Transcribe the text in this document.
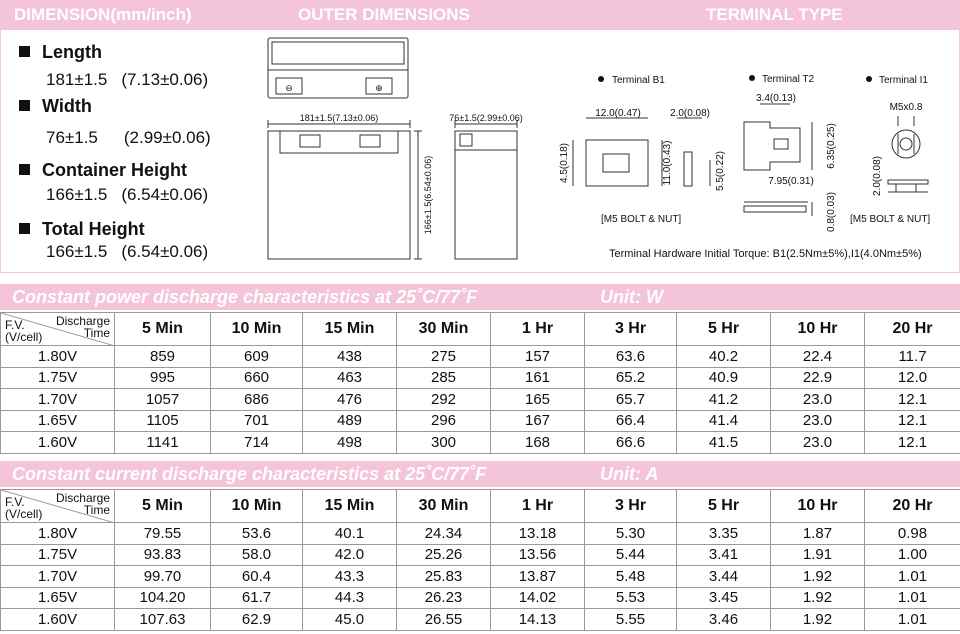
DIMENSION(mm/inch)	OUTER DIMENSIONS	TERMINAL TYPE
Length
181±1.5 (7.13±0.06)
Width
76±1.5 (2.99±0.06)
Container Height
166±1.5 (6.54±0.06)
Total Height
166±1.5 (6.54±0.06)
⊖	⊕
181±1.5(7.13±0.06)
166±1.5(6.54±0.06)
76±1.5(2.99±0.06)
Terminal B1
12.0(0.47)	2.0(0.08)
4.5(0.18)	11.0(0.43)	5.5(0.22)
[M5 BOLT & NUT]
Terminal T2
3.4(0.13)
6.35(0.25)
7.95(0.31)
0.8(0.03)
Terminal I1
M5x0.8
2.0(0.08)
[M5 BOLT & NUT]
Terminal Hardware Initial Torque: B1(2.5Nm±5%),I1(4.0Nm±5%)
Constant power discharge characteristics at 25˚C/77˚F	Unit: W
Discharge
Time
F.V.
(V/cell)	5 Min	10 Min	15 Min	30 Min	1 Hr	3 Hr	5 Hr	10 Hr	20 Hr
1.80V	859	609	438	275	157	63.6	40.2	22.4	11.7
1.75V	995	660	463	285	161	65.2	40.9	22.9	12.0
1.70V	1057	686	476	292	165	65.7	41.2	23.0	12.1
1.65V	1105	701	489	296	167	66.4	41.4	23.0	12.1
1.60V	1141	714	498	300	168	66.6	41.5	23.0	12.1
Constant current discharge characteristics at 25˚C/77˚F	Unit: A
Discharge
Time
F.V.
(V/cell)	5 Min	10 Min	15 Min	30 Min	1 Hr	3 Hr	5 Hr	10 Hr	20 Hr
1.80V	79.55	53.6	40.1	24.34	13.18	5.30	3.35	1.87	0.98
1.75V	93.83	58.0	42.0	25.26	13.56	5.44	3.41	1.91	1.00
1.70V	99.70	60.4	43.3	25.83	13.87	5.48	3.44	1.92	1.01
1.65V	104.20	61.7	44.3	26.23	14.02	5.53	3.45	1.92	1.01
1.60V	107.63	62.9	45.0	26.55	14.13	5.55	3.46	1.92	1.01
